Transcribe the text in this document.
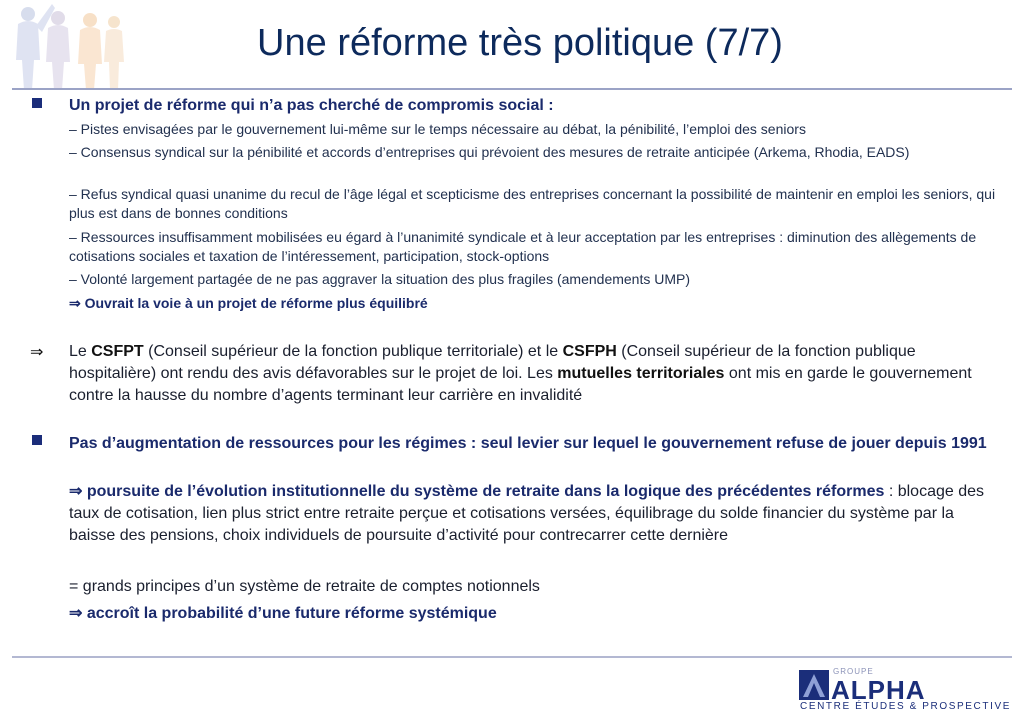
Une réforme très politique (7/7)
Un projet de réforme qui n’a pas cherché de compromis social :
– Pistes envisagées par le gouvernement lui-même sur le temps nécessaire au débat, la pénibilité, l’emploi des seniors
– Consensus syndical sur la pénibilité et accords d’entreprises qui prévoient des mesures de retraite anticipée (Arkema, Rhodia, EADS)
– Refus syndical quasi unanime du recul de l’âge légal et scepticisme des entreprises concernant la possibilité de maintenir en emploi les seniors, qui plus est dans de bonnes conditions
– Ressources insuffisamment mobilisées eu égard à l’unanimité syndicale et à leur acceptation par les entreprises : diminution des allègements de cotisations sociales et taxation de l’intéressement, participation, stock-options
– Volonté largement partagée de ne pas aggraver la situation des plus fragiles (amendements UMP)
⇒ Ouvrait la voie à un projet de réforme plus équilibré
⇒ Le CSFPT (Conseil supérieur de la fonction publique territoriale) et le CSFPH (Conseil supérieur de la fonction publique hospitalière) ont rendu des avis défavorables sur le projet de loi. Les mutuelles territoriales ont mis en garde le gouvernement contre la hausse du nombre d’agents terminant leur carrière en invalidité
Pas d’augmentation de ressources pour les régimes : seul levier sur lequel le gouvernement refuse de jouer depuis 1991
⇒ poursuite de l’évolution institutionnelle du système de retraite dans la logique des précédentes réformes : blocage des taux de cotisation, lien plus strict entre retraite perçue et cotisations versées, équilibrage du solde financier du système par la baisse des pensions, choix individuels de poursuite d’activité pour contrecarrer cette dernière
= grands principes d’un système de retraite de comptes notionnels
⇒ accroît la probabilité d’une future réforme systémique
GROUPE
ALPHA
CENTRE ÉTUDES & PROSPECTIVE
